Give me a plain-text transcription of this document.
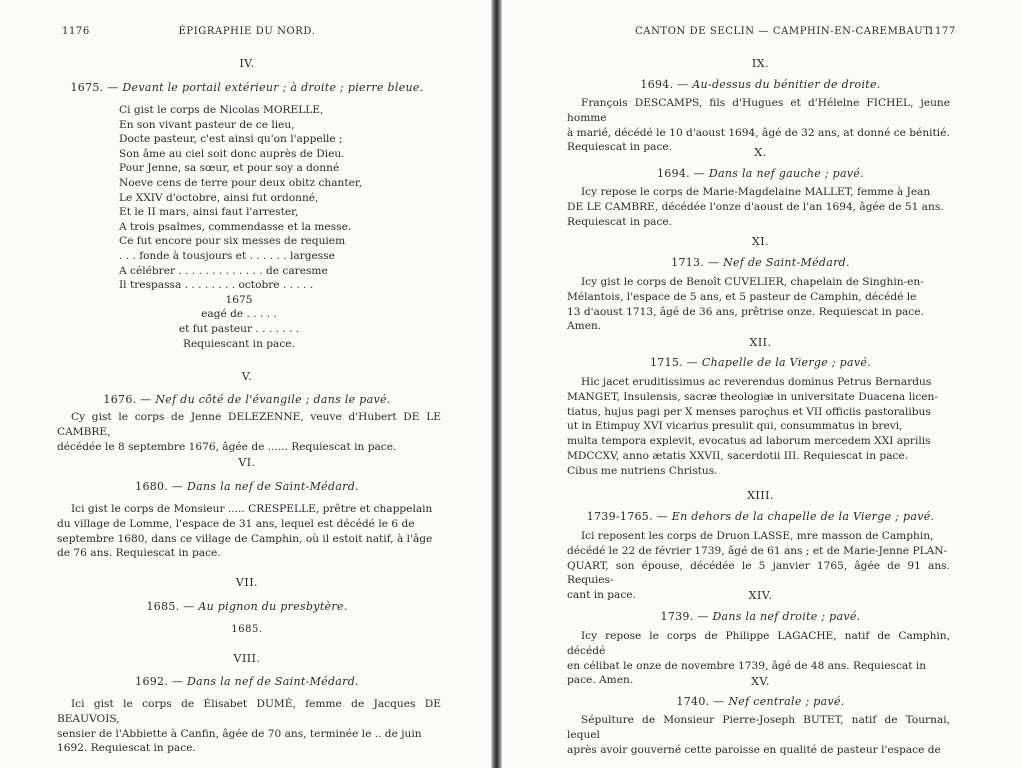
1176	ÉPIGRAPHIE DU NORD.
IV.
1675. — Devant le portail extérieur ; à droite ; pierre bleue.
Ci gist le corps de Nicolas MORELLE,
En son vivant pasteur de ce lieu,
Docte pasteur, c'est ainsi qu'on l'appelle ;
Son âme au ciel soit donc auprès de Dieu.
Pour Jenne, sa sœur, et pour soy a donné
Noeve cens de terre pour deux obitz chanter,
Le XXIV d'octobre, ainsi fut ordonné,
Et le II mars, ainsi faut l'arrester,
A trois psalmes, commendasse et la messe.
Ce fut encore pour six messes de requiem
. . . fonde à tousjours et . . . . . . largesse
A célébrer . . . . . . . . . . . . . de caresme
Il trespassa . . . . . . . . octobre . . . . .
1675
eagé de . . . . .
et fut pasteur . . . . . . .
Requiescant in pace.
V.
1676. — Nef du côté de l'évangile ; dans le pavé.

Cy gist le corps de Jenne DELEZENNE, veuve d'Hubert DE LE CAMBRE,

décédée le 8 septembre 1676, âgée de ...... Requiescat in pace.

VI.
1680. — Dans la nef de Saint-Médard.

Ici gist le corps de Monsieur ..... CRESPELLE, prêtre et chappelain

du village de Lomme, l'espace de 31 ans, lequel est décédé le 6 de

septembre 1680, dans ce village de Camphin, où il estoit natif, à l'âge

de 76 ans. Requiescat in pace.

VII.
1685. — Au pignon du presbytère.
1685.
VIII.
1692. — Dans la nef de Saint-Médard.

Ici gist le corps de Élisabet DUMÉ, femme de Jacques DE BEAUVOIS,

sensier de l'Abbiette à Canfin, âgée de 70 ans, terminée le .. de juin

1692. Requiescat in pace.

CANTON DE SECLIN — CAMPHIN-EN-CAREMBAUT.
1177
IX.
1694. — Au-dessus du bénitier de droite.

François DESCAMPS, fils d'Hugues et d'Hélelne FICHEL, jeune homme

à marié, décédé le 10 d'aoust 1694, âgé de 32 ans, at donné ce bénitié.

Requiescat in pace.	X.
1694. — Dans la nef gauche ; pavé.

Icy repose le corps de Marie-Magdelaine MALLET, femme à Jean

DE LE CAMBRE, décédée l'onze d'aoust de l'an 1694, âgée de 51 ans.

Requiescat in pace.

XI.
1713. — Nef de Saint-Médard.

Icy gist le corps de Benoît CUVELIER, chapelain de Singhin-en-

Mélantois, l'espace de 5 ans, et 5 pasteur de Camphin, décédé le

13 d'aoust 1713, âgé de 36 ans, prêtrise onze. Requiescat in pace.

Amen.

XII.
1715. — Chapelle de la Vierge ; pavé.

Hic jacet eruditissimus ac reverendus dominus Petrus Bernardus

MANGET, Insulensis, sacræ theologiæ in universitate Duacena licen-

tiatus, hujus pagi per X menses paroçhus et VII officiis pastoralibus

ut in Etimpuy XVI vicarius presulit qui, consummatus in brevi,

multa tempora explevit, evocatus ad laborum mercedem XXI aprilis

MDCCXV, anno ætatis XXVII, sacerdotii III. Requiescat in pace.

Cibus me nutriens Christus.

XIII.
1739-1765. — En dehors de la chapelle de la Vierge ; pavé.

Ici reposent les corps de Druon LASSE, mre masson de Camphin,

décédé le 22 de février 1739, âgé de 61 ans ; et de Marie-Jenne PLAN-

QUART, son épouse, décédée le 5 janvier 1765, âgée de 91 ans. Requies-

cant in pace.	XIV.
1739. — Dans la nef droite ; pavé.

Icy repose le corps de Philippe LAGACHE, natif de Camphin, décédé

en célibat le onze de novembre 1739, âgé de 48 ans. Requiescat in

pace. Amen.	XV.
1740. — Nef centrale ; pavé.

Sépulture de Monsieur Pierre-Joseph BUTET, natif de Tournai, lequel

après avoir gouverné cette paroisse en qualité de pasteur l'espace de
